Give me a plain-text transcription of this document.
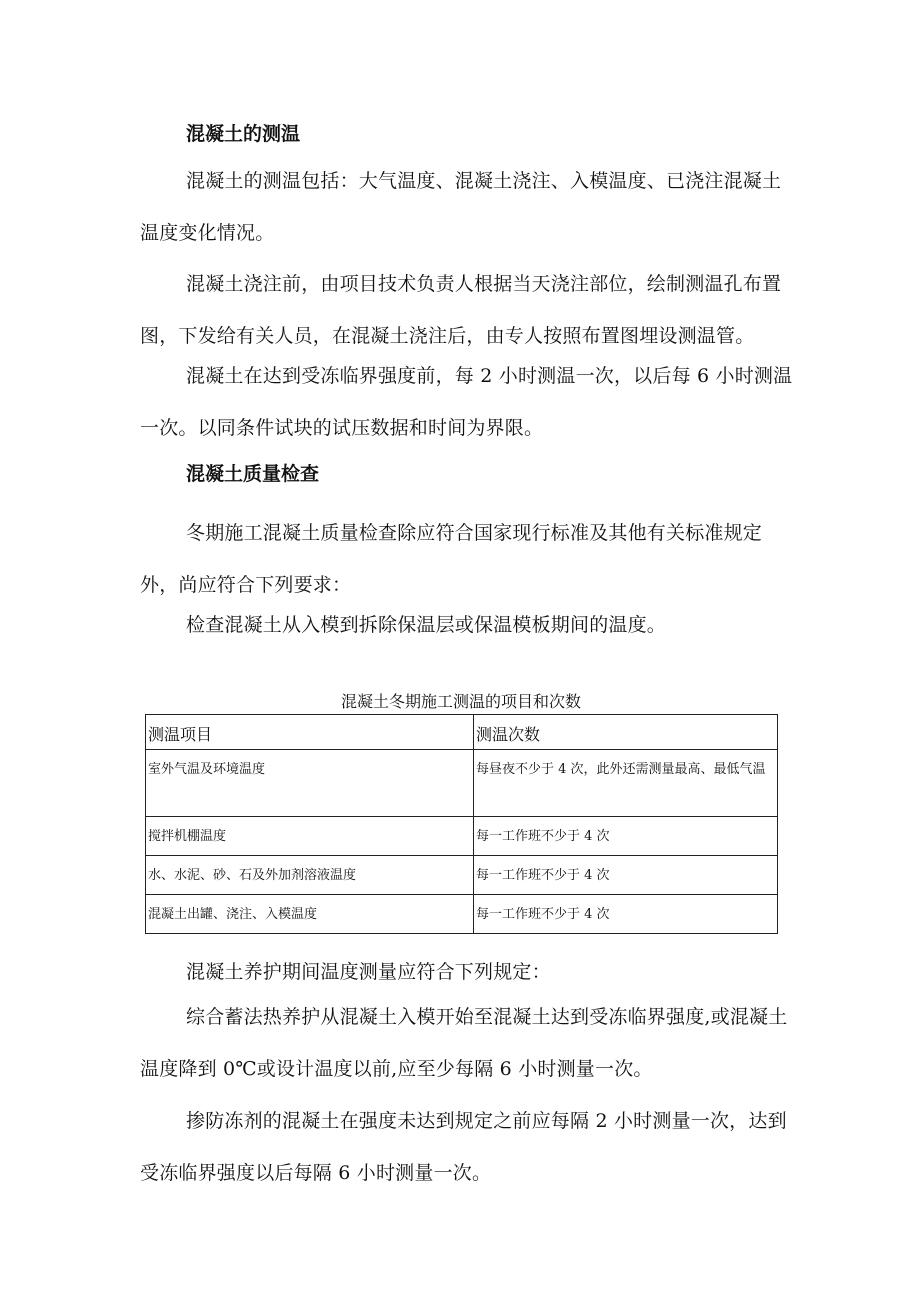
混凝土的测温

混凝土的测温包括：大气温度、混凝土浇注、入模温度、已浇注混凝土温度变化情况。

混凝土浇注前，由项目技术负责人根据当天浇注部位，绘制测温孔布置图，下发给有关人员，在混凝土浇注后，由专人按照布置图埋设测温管。

混凝土在达到受冻临界强度前，每 2 小时测温一次，以后每 6 小时测温一次。以同条件试块的试压数据和时间为界限。

混凝土质量检查

冬期施工混凝土质量检查除应符合国家现行标准及其他有关标准规定外，尚应符合下列要求：

检查混凝土从入模到拆除保温层或保温模板期间的温度。

混凝土冬期施工测温的项目和次数

测温项目	测温次数
室外气温及环境温度	每昼夜不少于 4 次，此外还需测量最高、最低气温
搅拌机棚温度	每一工作班不少于 4 次
水、水泥、砂、石及外加剂溶液温度	每一工作班不少于 4 次
混凝土出罐、浇注、入模温度	每一工作班不少于 4 次

混凝土养护期间温度测量应符合下列规定：

综合蓄法热养护从混凝土入模开始至混凝土达到受冻临界强度,或混凝土温度降到 0℃或设计温度以前,应至少每隔 6 小时测量一次。

掺防冻剂的混凝土在强度未达到规定之前应每隔 2 小时测量一次，达到受冻临界强度以后每隔 6 小时测量一次。
